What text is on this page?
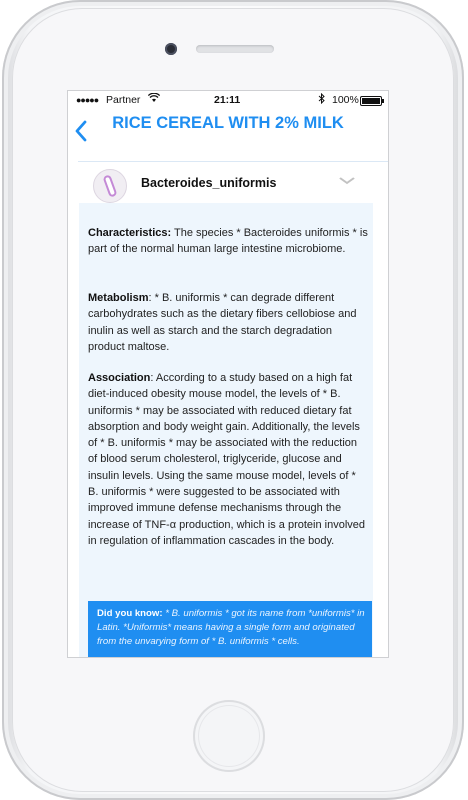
●●●●● Partner	21:11	100%
RICE CEREAL WITH 2% MILK
Bacteroides_uniformis
Characteristics: The species * Bacteroides uniformis * is part of the normal human large intestine microbiome.
Metabolism: * B. uniformis * can degrade different carbohydrates such as the dietary fibers cellobiose and inulin as well as starch and the starch degradation product maltose.
Association: According to a study based on a high fat diet-induced obesity mouse model, the levels of * B. uniformis * may be associated with reduced dietary fat absorption and body weight gain. Additionally, the levels of * B. uniformis * may be associated with the reduction of blood serum cholesterol, triglyceride, glucose and insulin levels. Using the same mouse model, levels of * B. uniformis * were suggested to be associated with improved immune defense mechanisms through the increase of TNF-α production, which is a protein involved in regulation of inflammation cascades in the body.
Did you know: * B. uniformis * got its name from *uniformis* in Latin. *Uniformis* means having a single form and originated from the unvarying form of * B. uniformis * cells.
